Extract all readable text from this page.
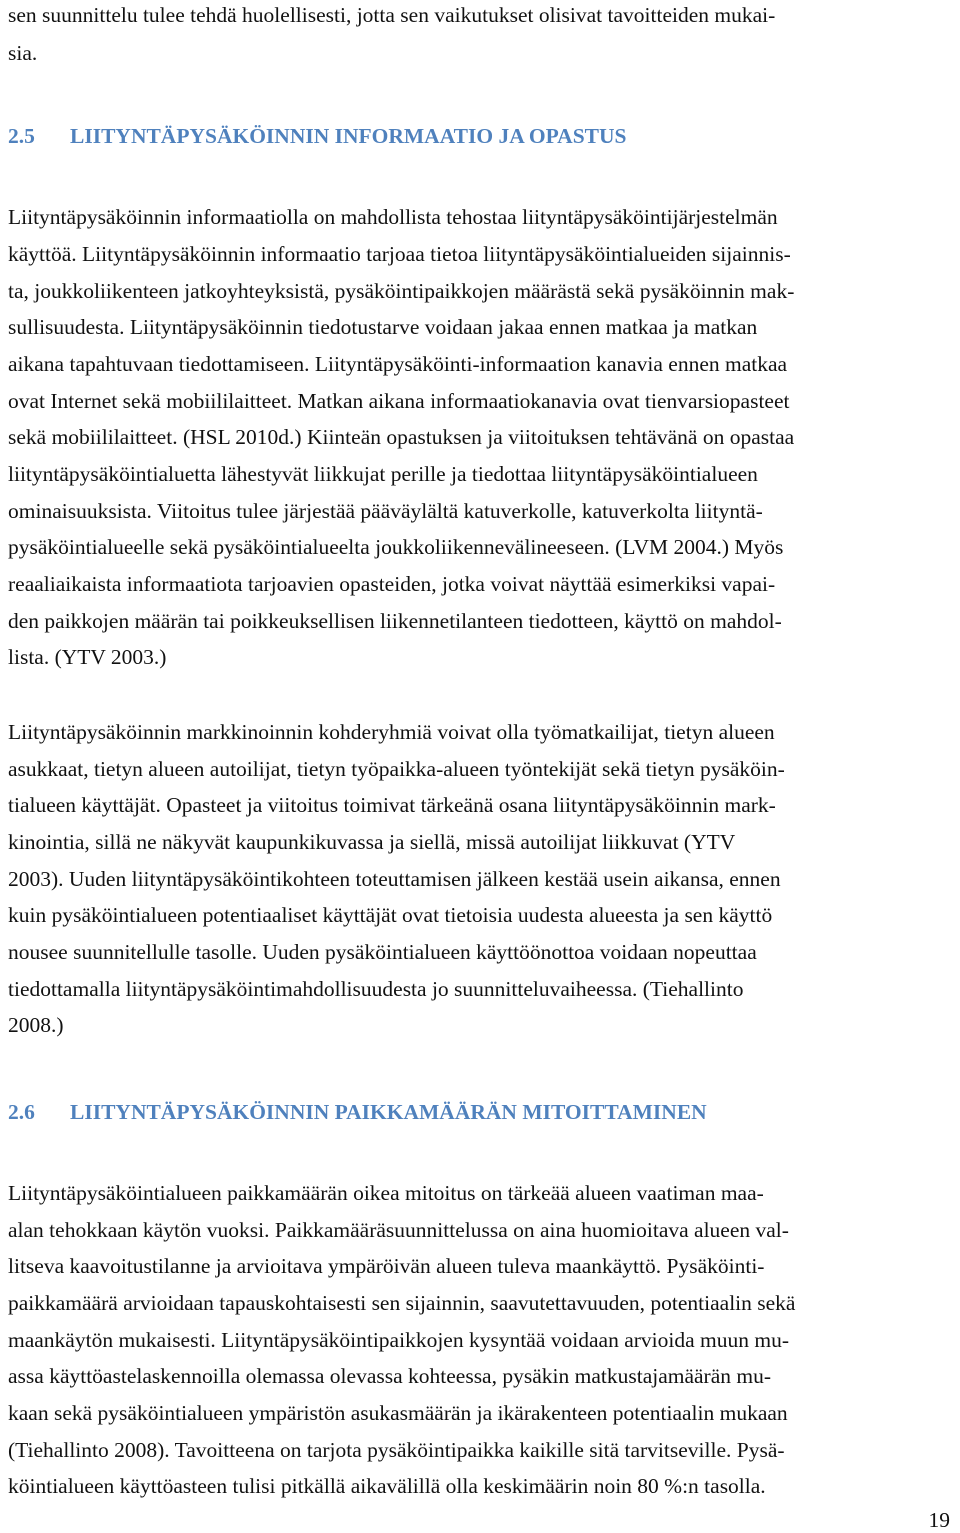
sen suunnittelu tulee tehdä huolellisesti, jotta sen vaikutukset olisivat tavoitteiden mukai-
sia.
2.5 LIITYNTÄPYSÄKÖINNIN INFORMAATIO JA OPASTUS
Liityntäpysäköinnin informaatiolla on mahdollista tehostaa liityntäpysäköintijärjestelmän
käyttöä. Liityntäpysäköinnin informaatio tarjoaa tietoa liityntäpysäköintialueiden sijainnis-
ta, joukkoliikenteen jatkoyhteyksistä, pysäköintipaikkojen määrästä sekä pysäköinnin mak-
sullisuudesta. Liityntäpysäköinnin tiedotustarve voidaan jakaa ennen matkaa ja matkan
aikana tapahtuvaan tiedottamiseen. Liityntäpysäköinti-informaation kanavia ennen matkaa
ovat Internet sekä mobiililaitteet. Matkan aikana informaatiokanavia ovat tienvarsiopasteet
sekä mobiililaitteet. (HSL 2010d.) Kiinteän opastuksen ja viitoituksen tehtävänä on opastaa
liityntäpysäköintialuetta lähestyvät liikkujat perille ja tiedottaa liityntäpysäköintialueen
ominaisuuksista. Viitoitus tulee järjestää pääväylältä katuverkolle, katuverkolta liityntä-
pysäköintialueelle sekä pysäköintialueelta joukkoliikennevälineeseen. (LVM 2004.) Myös
reaaliaikaista informaatiota tarjoavien opasteiden, jotka voivat näyttää esimerkiksi vapai-
den paikkojen määrän tai poikkeuksellisen liikennetilanteen tiedotteen, käyttö on mahdol-
lista. (YTV 2003.)
Liityntäpysäköinnin markkinoinnin kohderyhmiä voivat olla työmatkailijat, tietyn alueen
asukkaat, tietyn alueen autoilijat, tietyn työpaikka-alueen työntekijät sekä tietyn pysäköin-
tialueen käyttäjät. Opasteet ja viitoitus toimivat tärkeänä osana liityntäpysäköinnin mark-
kinointia, sillä ne näkyvät kaupunkikuvassa ja siellä, missä autoilijat liikkuvat (YTV
2003). Uuden liityntäpysäköintikohteen toteuttamisen jälkeen kestää usein aikansa, ennen
kuin pysäköintialueen potentiaaliset käyttäjät ovat tietoisia uudesta alueesta ja sen käyttö
nousee suunnitellulle tasolle. Uuden pysäköintialueen käyttöönottoa voidaan nopeuttaa
tiedottamalla liityntäpysäköintimahdollisuudesta jo suunnitteluvaiheessa. (Tiehallinto
2008.)
2.6 LIITYNTÄPYSÄKÖINNIN PAIKKAMÄÄRÄN MITOITTAMINEN
Liityntäpysäköintialueen paikkamäärän oikea mitoitus on tärkeää alueen vaatiman maa-
alan tehokkaan käytön vuoksi. Paikkamääräsuunnittelussa on aina huomioitava alueen val-
litseva kaavoitustilanne ja arvioitava ympäröivän alueen tuleva maankäyttö. Pysäköinti-
paikkamäärä arvioidaan tapauskohtaisesti sen sijainnin, saavutettavuuden, potentiaalin sekä
maankäytön mukaisesti. Liityntäpysäköintipaikkojen kysyntää voidaan arvioida muun mu-
assa käyttöastelaskennoilla olemassa olevassa kohteessa, pysäkin matkustajamäärän mu-
kaan sekä pysäköintialueen ympäristön asukasmäärän ja ikärakenteen potentiaalin mukaan
(Tiehallinto 2008). Tavoitteena on tarjota pysäköintipaikka kaikille sitä tarvitseville. Pysä-
köintialueen käyttöasteen tulisi pitkällä aikavälillä olla keskimäärin noin 80 %:n tasolla.
19
